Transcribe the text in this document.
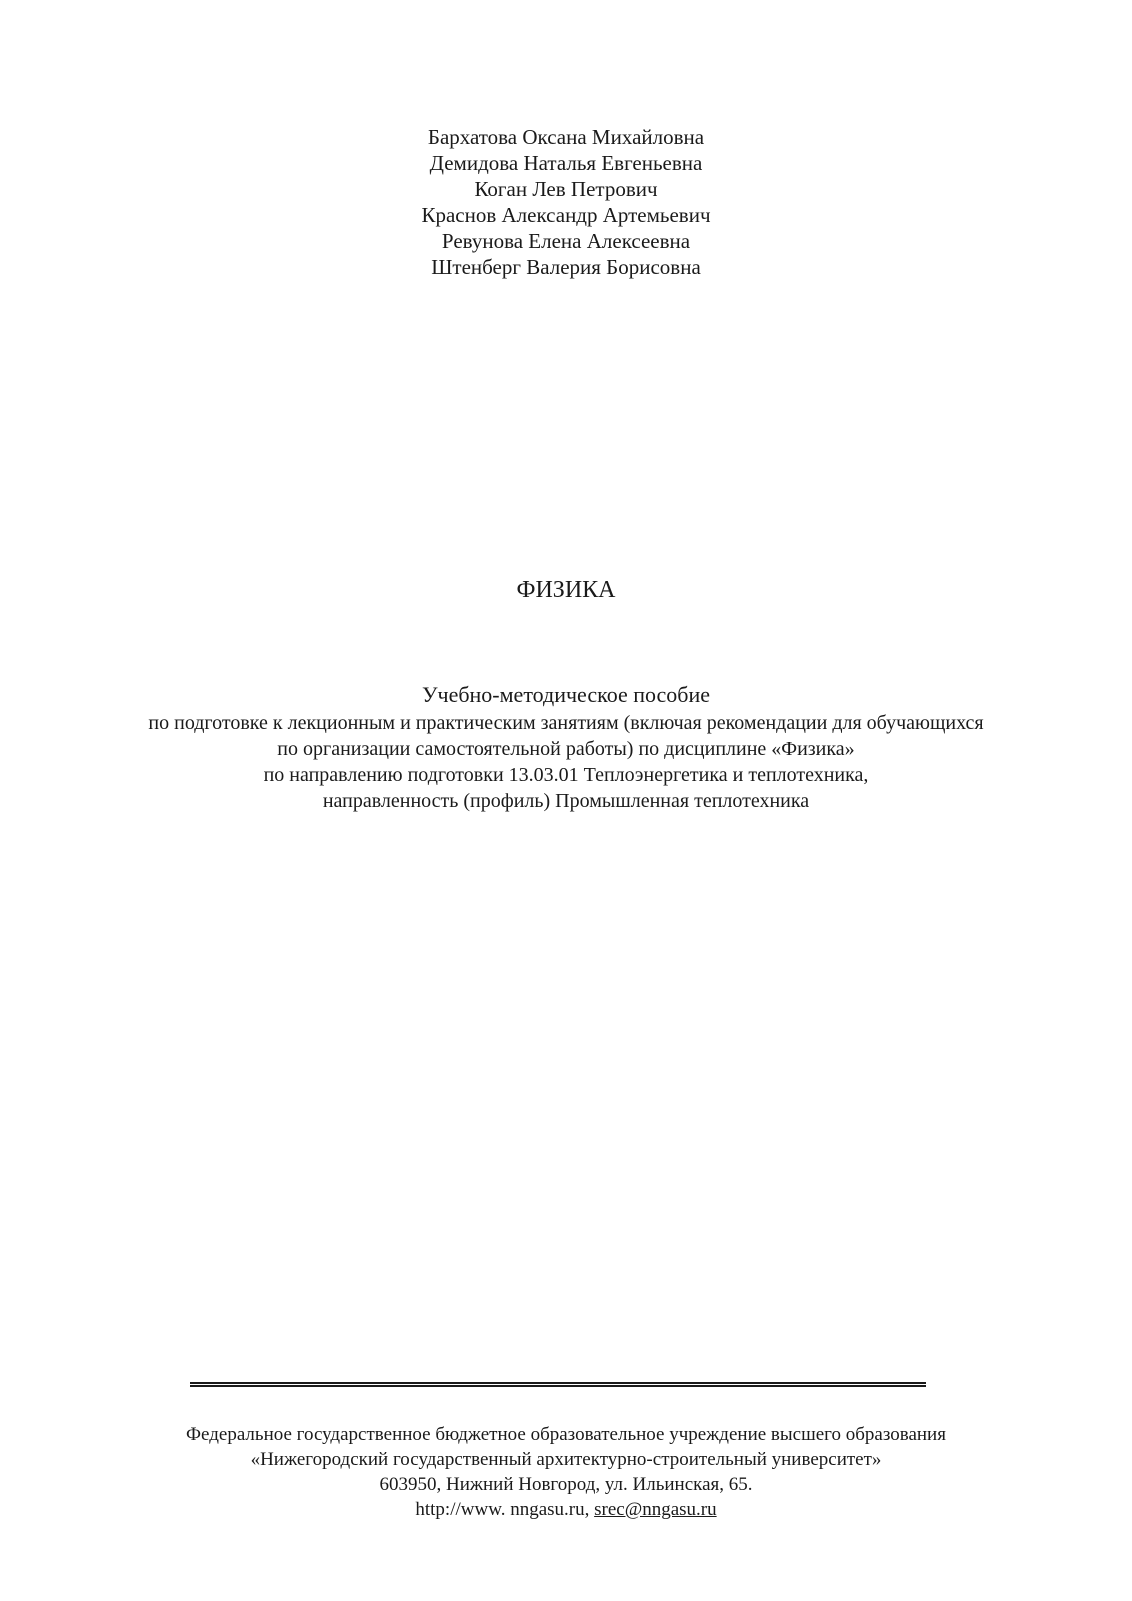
Бархатова Оксана Михайловна
Демидова Наталья Евгеньевна
Коган Лев Петрович
Краснов Александр Артемьевич
Ревунова Елена Алексеевна
Штенберг Валерия Борисовна
ФИЗИКА
Учебно-методическое пособие
по подготовке к лекционным и практическим занятиям (включая рекомендации для обучающихся
по организации самостоятельной работы) по дисциплине «Физика»
по направлению подготовки 13.03.01 Теплоэнергетика и теплотехника,
направленность (профиль) Промышленная теплотехника
Федеральное государственное бюджетное образовательное учреждение высшего образования
«Нижегородский государственный архитектурно-строительный университет»
603950, Нижний Новгород, ул. Ильинская, 65.
http://www. nngasu.ru, srec@nngasu.ru
